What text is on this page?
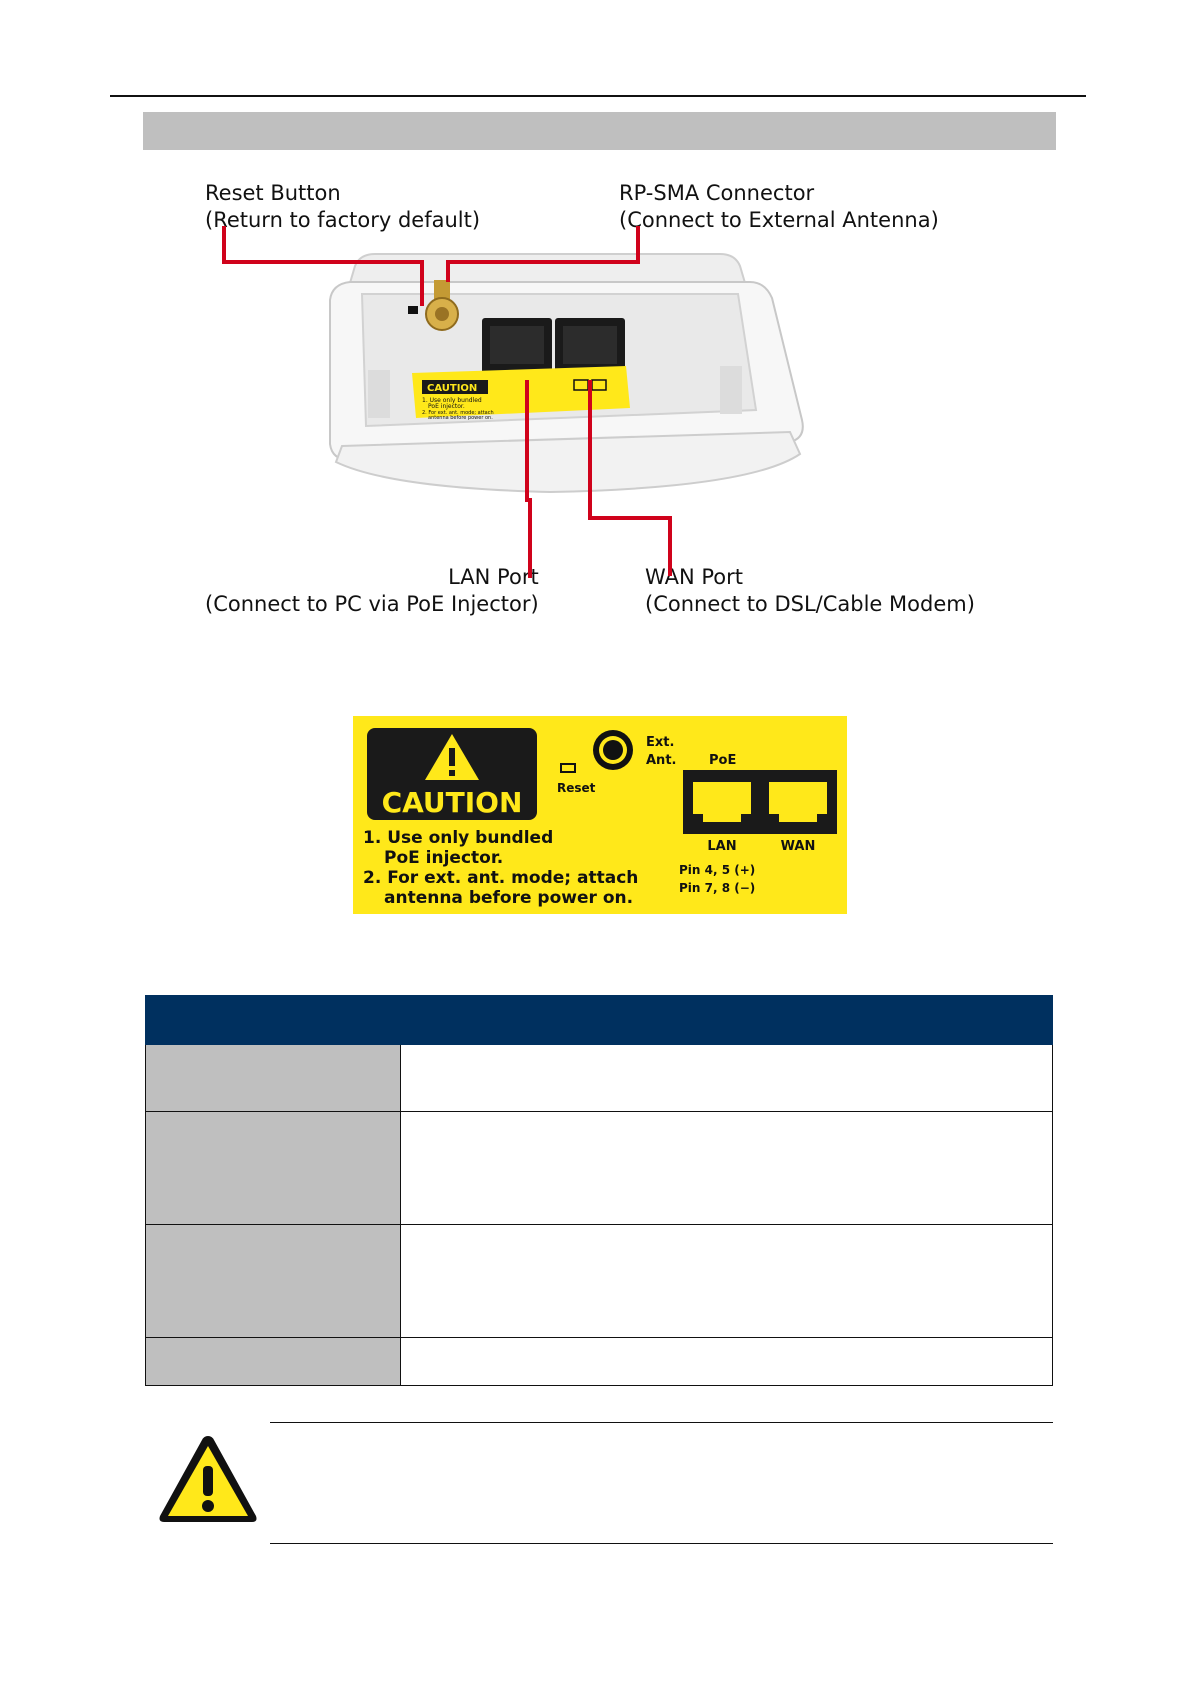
Reset Button
(Return to factory default)
RP-SMA Connector
(Connect to External Antenna)
LAN Port
(Connect to PC via PoE Injector)
WAN Port
(Connect to DSL/Cable Modem)
CAUTION
1. Use only bundled
PoE injector.
2. For ext. ant. mode; attach
antenna before power on.
CAUTION
1. Use only bundled
PoE injector.
2. For ext. ant. mode; attach
antenna before power on.
Reset
Ext.
Ant.	PoE
LAN	WAN
Pin 4, 5 (+)
Pin 7, 8 (−)
